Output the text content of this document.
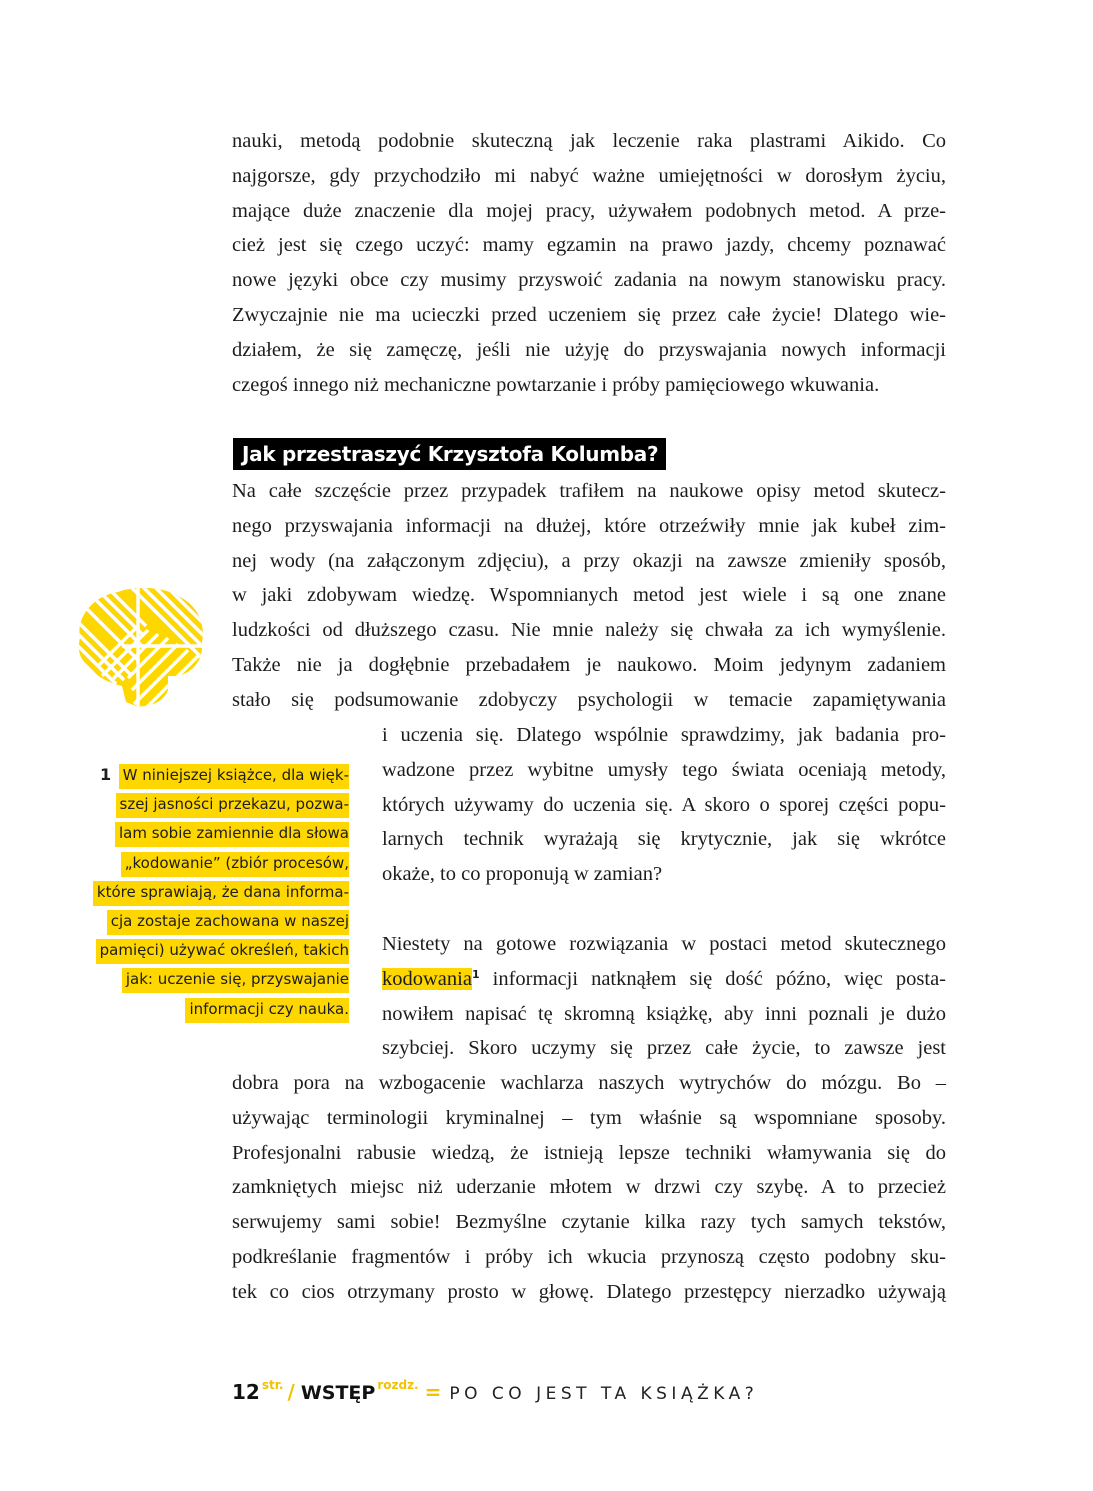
nauki, metodą podobnie skuteczną jak leczenie raka plastrami Aikido. Co
najgorsze, gdy przychodziło mi nabyć ważne umiejętności w dorosłym życiu,
mające duże znaczenie dla mojej pracy, używałem podobnych metod. A prze-
cież jest się czego uczyć: mamy egzamin na prawo jazdy, chcemy poznawać
nowe języki obce czy musimy przyswoić zadania na nowym stanowisku pracy.
Zwyczajnie nie ma ucieczki przed uczeniem się przez całe życie! Dlatego wie-
działem, że się zamęczę, jeśli nie użyję do przyswajania nowych informacji
czegoś innego niż mechaniczne powtarzanie i próby pamięciowego wkuwania.
Jak przestraszyć Krzysztofa Kolumba?
Na całe szczęście przez przypadek trafiłem na naukowe opisy metod skutecz-
nego przyswajania informacji na dłużej, które otrzeźwiły mnie jak kubeł zim-
nej wody (na załączonym zdjęciu), a przy okazji na zawsze zmieniły sposób,
w jaki zdobywam wiedzę. Wspomnianych metod jest wiele i są one znane
ludzkości od dłuższego czasu. Nie mnie należy się chwała za ich wymyślenie.
Także nie ja dogłębnie przebadałem je naukowo. Moim jedynym zadaniem
stało się podsumowanie zdobyczy psychologii w temacie zapamiętywania
i uczenia się. Dlatego wspólnie sprawdzimy, jak badania pro-
wadzone przez wybitne umysły tego świata oceniają metody,
których używamy do uczenia się. A skoro o sporej części popu-
larnych technik wyrażają się krytycznie, jak się wkrótce
okaże, to co proponują w zamian?
Niestety na gotowe rozwiązania w postaci metod skutecznego
kodowania$^1$ informacji natknąłem się dość późno, więc posta-
nowiłem napisać tę skromną książkę, aby inni poznali je dużo
szybciej. Skoro uczymy się przez całe życie, to zawsze jest
dobra pora na wzbogacenie wachlarza naszych wytrychów do mózgu. Bo –
używając terminologii kryminalnej – tym właśnie są wspomniane sposoby.
Profesjonalni rabusie wiedzą, że istnieją lepsze techniki włamywania się do
zamkniętych miejsc niż uderzanie młotem w drzwi czy szybę. A to przecież
serwujemy sami sobie! Bezmyślne czytanie kilka razy tych samych tekstów,
podkreślanie fragmentów i próby ich wkucia przynoszą często podobny sku-
tek co cios otrzymany prosto w głowę. Dlatego przestępcy nierzadko używają
1  W niniejszej książce, dla więk-
szej jasności przekazu, pozwa-
lam sobie zamiennie dla słowa
„kodowanie” (zbiór procesów,
które sprawiają, że dana informa-
cja zostaje zachowana w naszej
pamięci) używać określeń, takich
jak: uczenie się, przyswajanie
informacji czy nauka.
12 $^{str.}$ / WSTĘP $^{rozdz.}$ = PO CO JEST TA KSIĄŻKA?
